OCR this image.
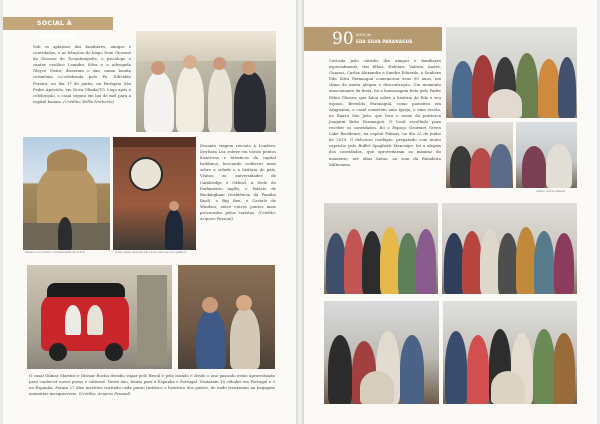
SOCIAL À RAGUAÍNA

Sob os aplausos dos familiares, amigos e convidados, e as bênçãos do bispo Dom Giovane da Diocese de Tocantinópolis, o psicólogo e cantor católico Leandro Silva e a advogada Gleyce Vieira, disseram o sim, numa bonita cerimônia co-celebrada pelo Pe. Edivaldo Pereira, no dia 1º de junho, na Paróquia São Pedro Apóstolo, em Nova Olinda/TO. Logo após a celebração, o casal seguiu em lua de mel para a capital baiana. (Crédito: Willis Norberto)

Deylsom Luz visitou a Universidade de Oxford	O bem-estar ilustrado de 3 anos nas ruas da Inglaterra

Durante viagem recente à Londres, Deylsom Luz esteve em vários pontos históricos e turísticos da capital britânica; buscando conhecer mais sobre a cidade e a história do país. Visitou as universidades de Cambridge e Oxford, a Sede do Parlamento inglês, o Palácio de Buckingham (residência da Família Real), o Big Ben, o Castelo de Windsor, entre outros pontos mais procurados pelos turistas. (Crédito: Arquivo Pessoal)

O casal Gilmar Martins e Dismar Rocha decidiu viajar pelo Brasil e pelo mundo e desde o ano passado estão aproveitando para conhecer novos povos e culturas. Neste ano, foram para a Espanha e Portugal. Visitaram 18 cidades em Portugal e 3 na Espanha. Foram 27 dias incríveis curtindo cada ponto turístico e histórico dos países, de onde trouxeram na bagagem memórias inesquecíveis. (Crédito: Arquivo Pessoal)

90 ANOS de
EDA SILVA PARANAGUÁ

Cercada pelo carinho dos amigos e familiares especialmente, dos filhos: Helenas, Valeria, André, Guaraci, Carlos Alexandre e Sandro Eduardo, a Senhora Eda Silva Paranaguá comemorou seus 90 anos, em clima de muita alegria e descontração. Um momento emocionante da festa, foi a homenagem feita pelo Padre Fábio Gluisez; que falou sobre a história de Eda e seu esposo, Bertoldo Paranaguá, como pioneiros em Araguaína, o casal construiu uma Igreja, e uma escola, no Bairro São João, que leva o nome do patriarca Joaquim Brito Paranaguá. O local escolhido para receber os convidados, foi o Espaço Gourmet Green Lake Residence, na capital Palmas, no dia 22 de junho de 2019. O delicioso cardápio, preparado com muito capricho pelo Buffet Spaghetti Mancaipe, foi a alegria dos convidados, que aproveitaram ao máximo do momento, até altas horas, ao som da Baladeira Milhomem.

Crédito: Arquivo Pessoal
